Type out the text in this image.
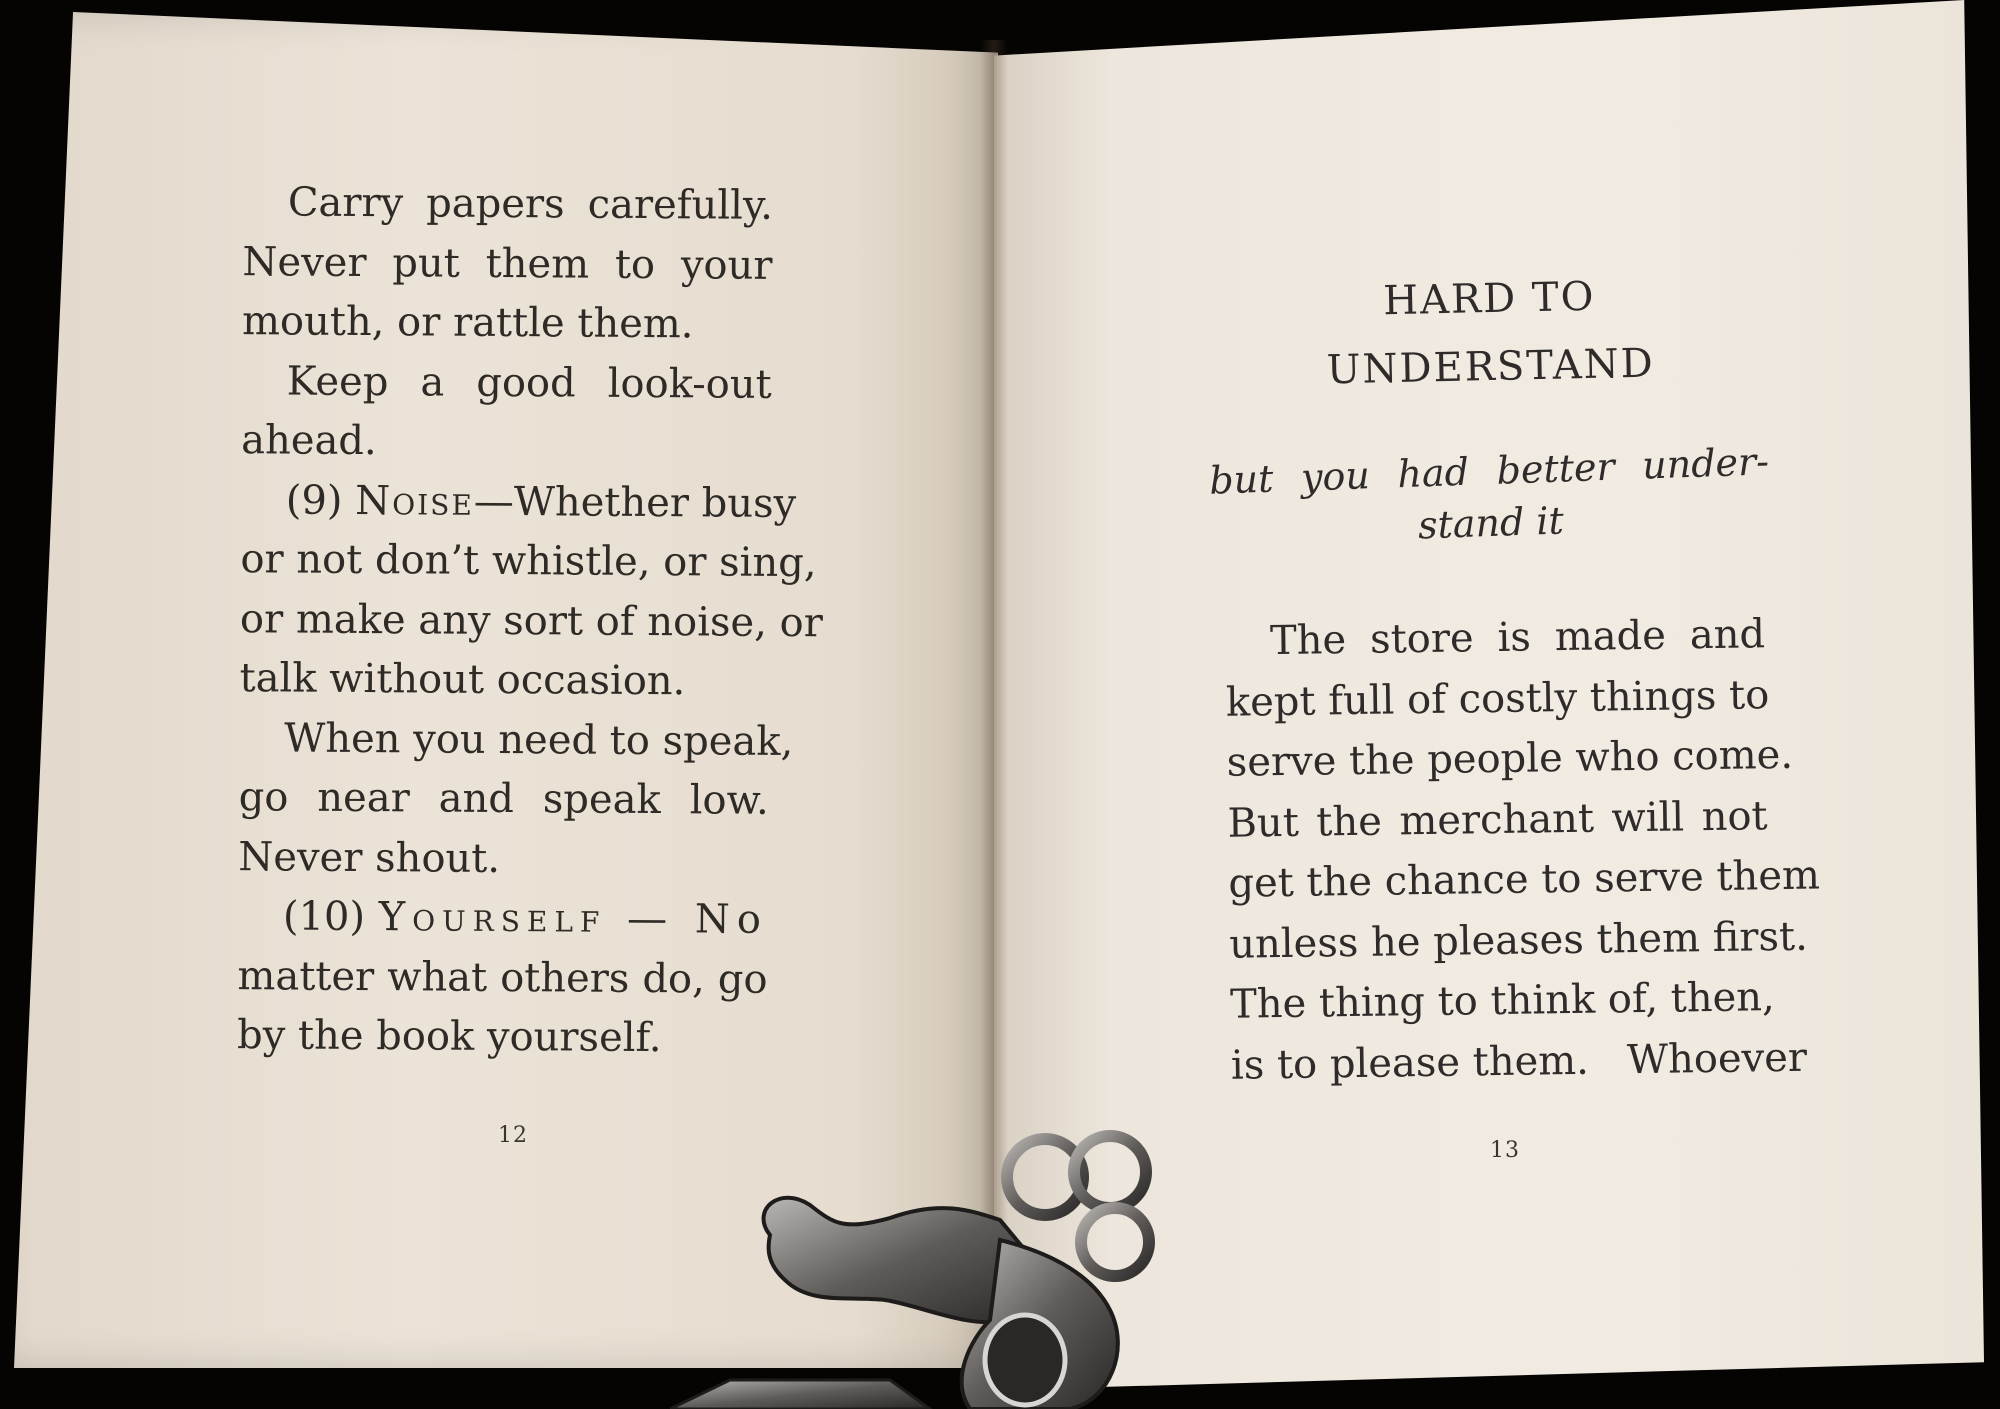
Carry papers carefully.
Never put them to your
mouth, or rattle them.
Keep a good look-out
ahead.
(9) Noise—Whether busy
or not don’t whistle, or sing,
or make any sort of noise, or
talk without occasion.
When you need to speak,
go near and speak low.
Never shout.
(10) Yourself — No
matter what others do, go
by the book yourself.
12
HARD TO
UNDERSTAND
but you had better under-
stand it
The store is made and
kept full of costly things to
serve the people who come.
But the merchant will not
get the chance to serve them
unless he pleases them first.
The thing to think of, then,
is to please them.   Whoever
13
